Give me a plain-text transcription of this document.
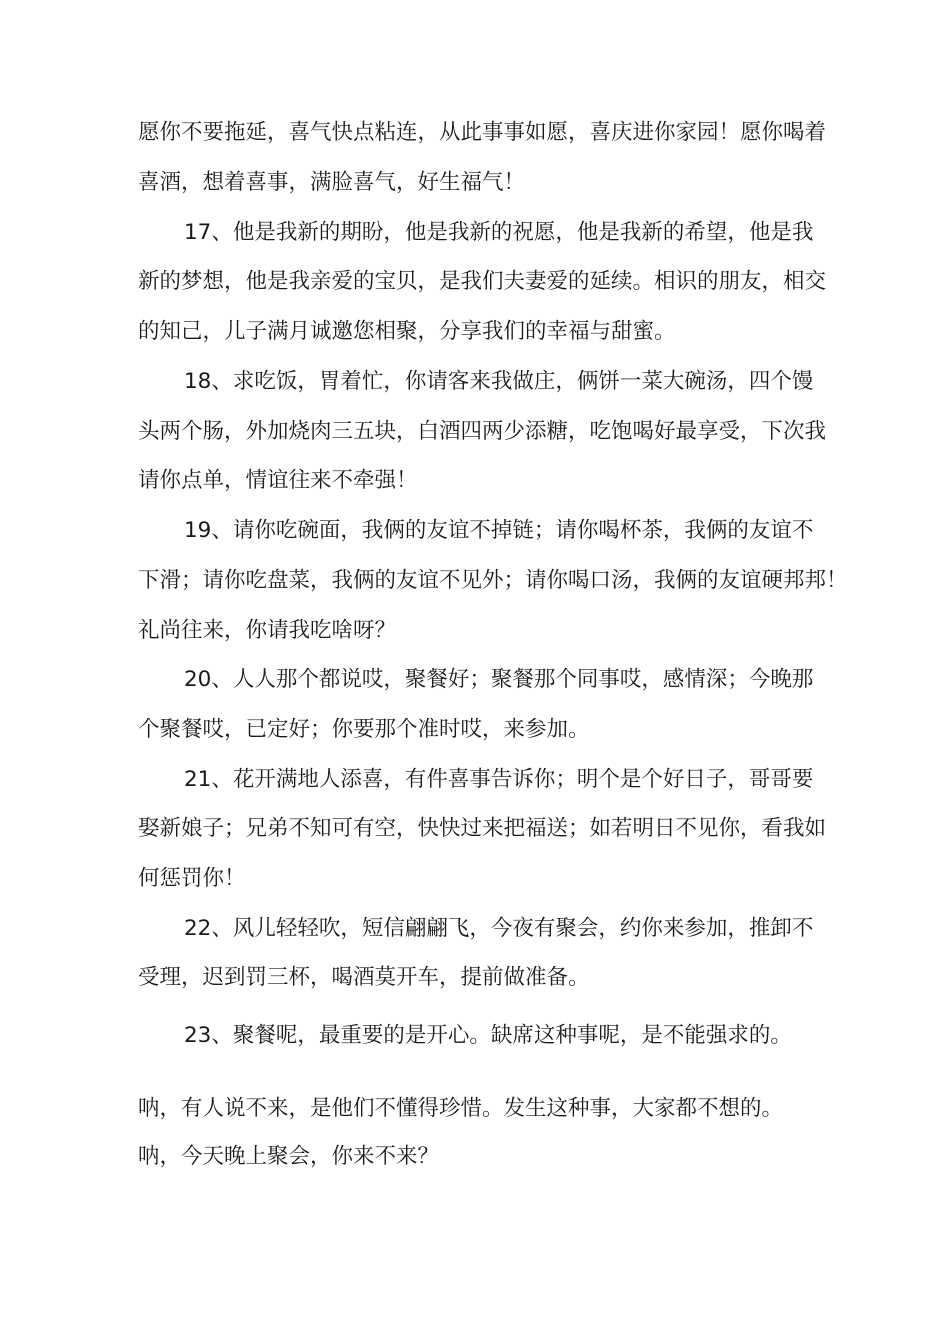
愿你不要拖延，喜气快点粘连，从此事事如愿，喜庆进你家园！愿你喝着
喜酒，想着喜事，满脸喜气，好生福气！
17、他是我新的期盼，他是我新的祝愿，他是我新的希望，他是我
新的梦想，他是我亲爱的宝贝，是我们夫妻爱的延续。相识的朋友，相交
的知己，儿子满月诚邀您相聚，分享我们的幸福与甜蜜。
18、求吃饭，胃着忙，你请客来我做庄，俩饼一菜大碗汤，四个馒
头两个肠，外加烧肉三五块，白酒四两少添糖，吃饱喝好最享受，下次我
请你点单，情谊往来不牵强！
19、请你吃碗面，我俩的友谊不掉链；请你喝杯茶，我俩的友谊不
下滑；请你吃盘菜，我俩的友谊不见外；请你喝口汤，我俩的友谊硬邦邦！
礼尚往来，你请我吃啥呀？
20、人人那个都说哎，聚餐好；聚餐那个同事哎，感情深；今晚那
个聚餐哎，已定好；你要那个准时哎，来参加。
21、花开满地人添喜，有件喜事告诉你；明个是个好日子，哥哥要
娶新娘子；兄弟不知可有空，快快过来把福送；如若明日不见你，看我如
何惩罚你！
22、风儿轻轻吹，短信翩翩飞，今夜有聚会，约你来参加，推卸不
受理，迟到罚三杯，喝酒莫开车，提前做准备。
23、聚餐呢，最重要的是开心。缺席这种事呢，是不能强求的。
呐，有人说不来，是他们不懂得珍惜。发生这种事，大家都不想的。
呐，今天晚上聚会，你来不来？
